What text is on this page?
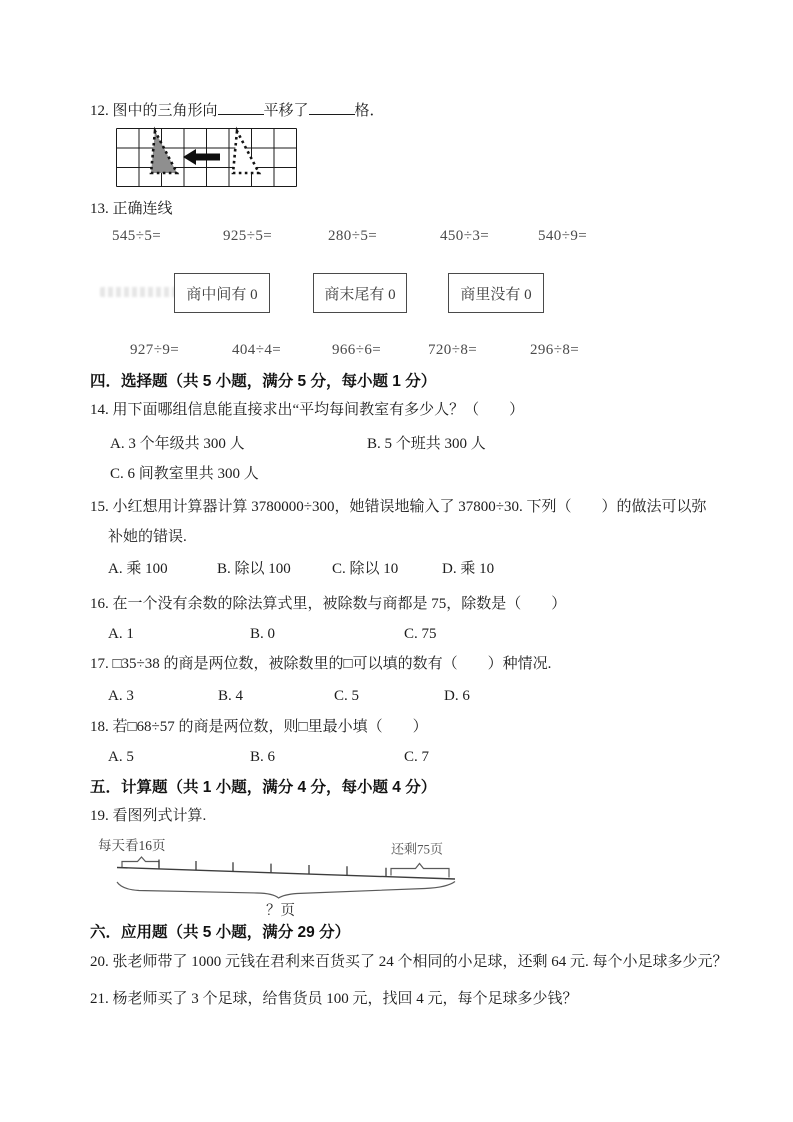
12. 图中的三角形向	平移了	格．
13. 正确连线
545÷5=	925÷5=	280÷5=	450÷3=	540÷9=
商中间有 0	商末尾有 0	商里没有 0
927÷9=	404÷4=	966÷6=	720÷8=	296÷8=
四．选择题（共 5 小题，满分 5 分，每小题 1 分）
14. 用下面哪组信息能直接求出“平均每间教室有多少人？（　　）
A. 3 个年级共 300 人	B. 5 个班共 300 人
C. 6 间教室里共 300 人
15. 小红想用计算器计算 3780000÷300，她错误地输入了 37800÷30. 下列（　　）的做法可以弥
补她的错误.
A. 乘 100	B. 除以 100	C. 除以 10	D. 乘 10
16. 在一个没有余数的除法算式里，被除数与商都是 75，除数是（　　）
A. 1	B. 0	C. 75
17. □35÷38 的商是两位数，被除数里的□可以填的数有（　　）种情况.
A. 3	B. 4	C. 5	D. 6
18. 若□68÷57 的商是两位数，则□里最小填（　　）
A. 5	B. 6	C. 7
五．计算题（共 1 小题，满分 4 分，每小题 4 分）
19. 看图列式计算.
每天看16页	还剩75页
？页
六．应用题（共 5 小题，满分 29 分）
20. 张老师带了 1000 元钱在君利来百货买了 24 个相同的小足球，还剩 64 元. 每个小足球多少元？
21. 杨老师买了 3 个足球，给售货员 100 元，找回 4 元，每个足球多少钱？
